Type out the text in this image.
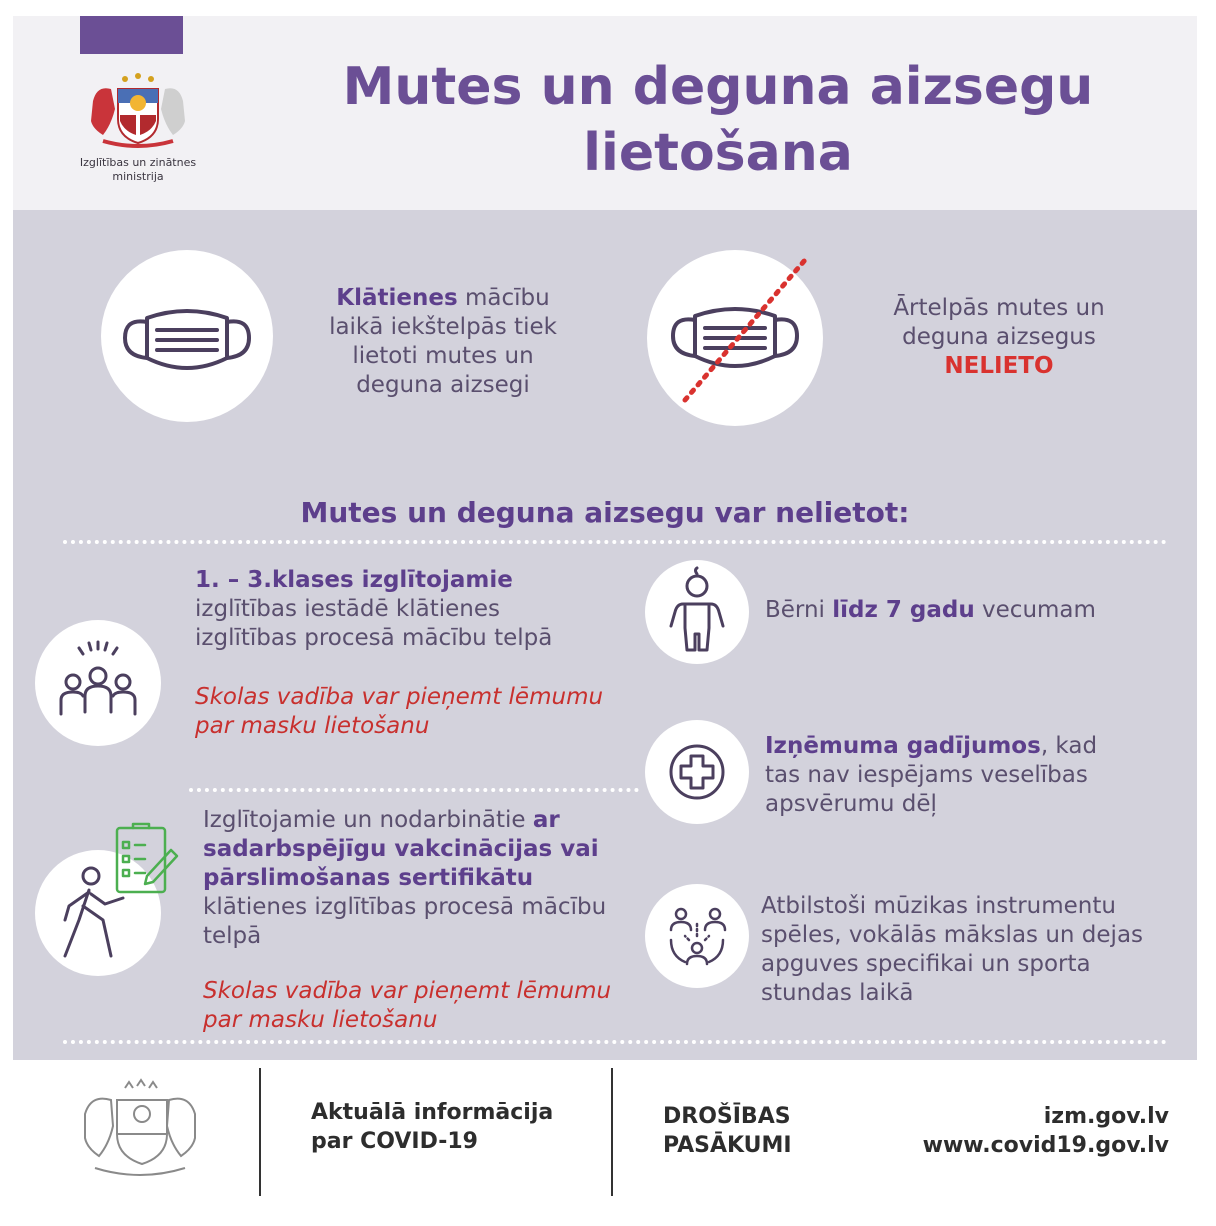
Izglītības un zinātnes
ministrija
Mutes un deguna aizsegu
lietošana
Klātienes mācību
laikā iekštelpās tiek
lietoti mutes un
deguna aizsegi
Ārtelpās mutes un
deguna aizsegus
NELIETO
Mutes un deguna aizsegu var nelietot:
1. – 3.klases izglītojamie
izglītības iestādē klātienes
izglītības procesā mācību telpā
Skolas vadība var pieņemt lēmumu
par masku lietošanu
Izglītojamie un nodarbinātie ar
sadarbspējīgu vakcinācijas vai
pārslimošanas sertifikātu
klātienes izglītības procesā mācību
telpā
Skolas vadība var pieņemt lēmumu
par masku lietošanu
Bērni līdz 7 gadu vecumam
Izņēmuma gadījumos, kad
tas nav iespējams veselības
apsvērumu dēļ
Atbilstoši mūzikas instrumentu
spēles, vokālās mākslas un dejas
apguves specifikai un sporta
stundas laikā
Aktuālā informācija
par COVID-19
DROŠĪBAS
PASĀKUMI
izm.gov.lv
www.covid19.gov.lv
